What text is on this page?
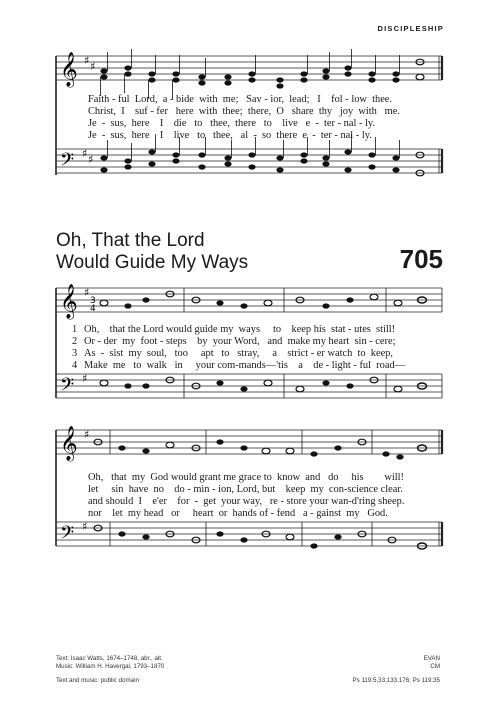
DISCIPLESHIP
𝄞 ♯ ♯
𝄢 ♯ ♯
𝄞 ♯
3
4
𝄢 ♯
𝄞 ♯
𝄢 ♯
Faith - ful  Lord,  a - bide  with  me;   Sav - ior,  lead;   I    fol - low  thee.
Christ,  I    suf - fer   here  with  thee;  there,  O   share  thy   joy  with   me.
Je  -  sus,  here    I    die   to   thee,  there   to    live   e  -  ter - nal - ly.
Je  -  sus,  here    I    live   to   thee,   al  -  so  there  e  -  ter - nal - ly.
Oh, That the Lord
Would Guide My Ways	705
1 Oh,    that the Lord would guide my  ways     to    keep his  stat - utes  still!
2 Or - der  my  foot - steps    by  your Word,   and  make my heart  sin - cere;
3 As  -  sist  my  soul,   too     apt   to   stray,     a    strict - er watch  to  keep,
4 Make  me   to  walk   in     your com-mands—'tis    a    de - light - ful  road—
Oh,   that  my  God would grant me grace to  know  and   do     his        will!
let     sin  have  no    do - min - ion, Lord, but    keep  my  con-science clear.
and should  I    e'er    for  -  get  your way,   re - store your wan-d'ring sheep.
nor    let  my head   or     heart  or  hands of - fend   a - gainst  my   God.
Text: Isaac Watts, 1674–1748, abr., alt.
Music: William H. Havergal, 1793–1870
EVAN
CM
Text and music: public domain	Ps 119:5,33,133,176; Ps 119:35
